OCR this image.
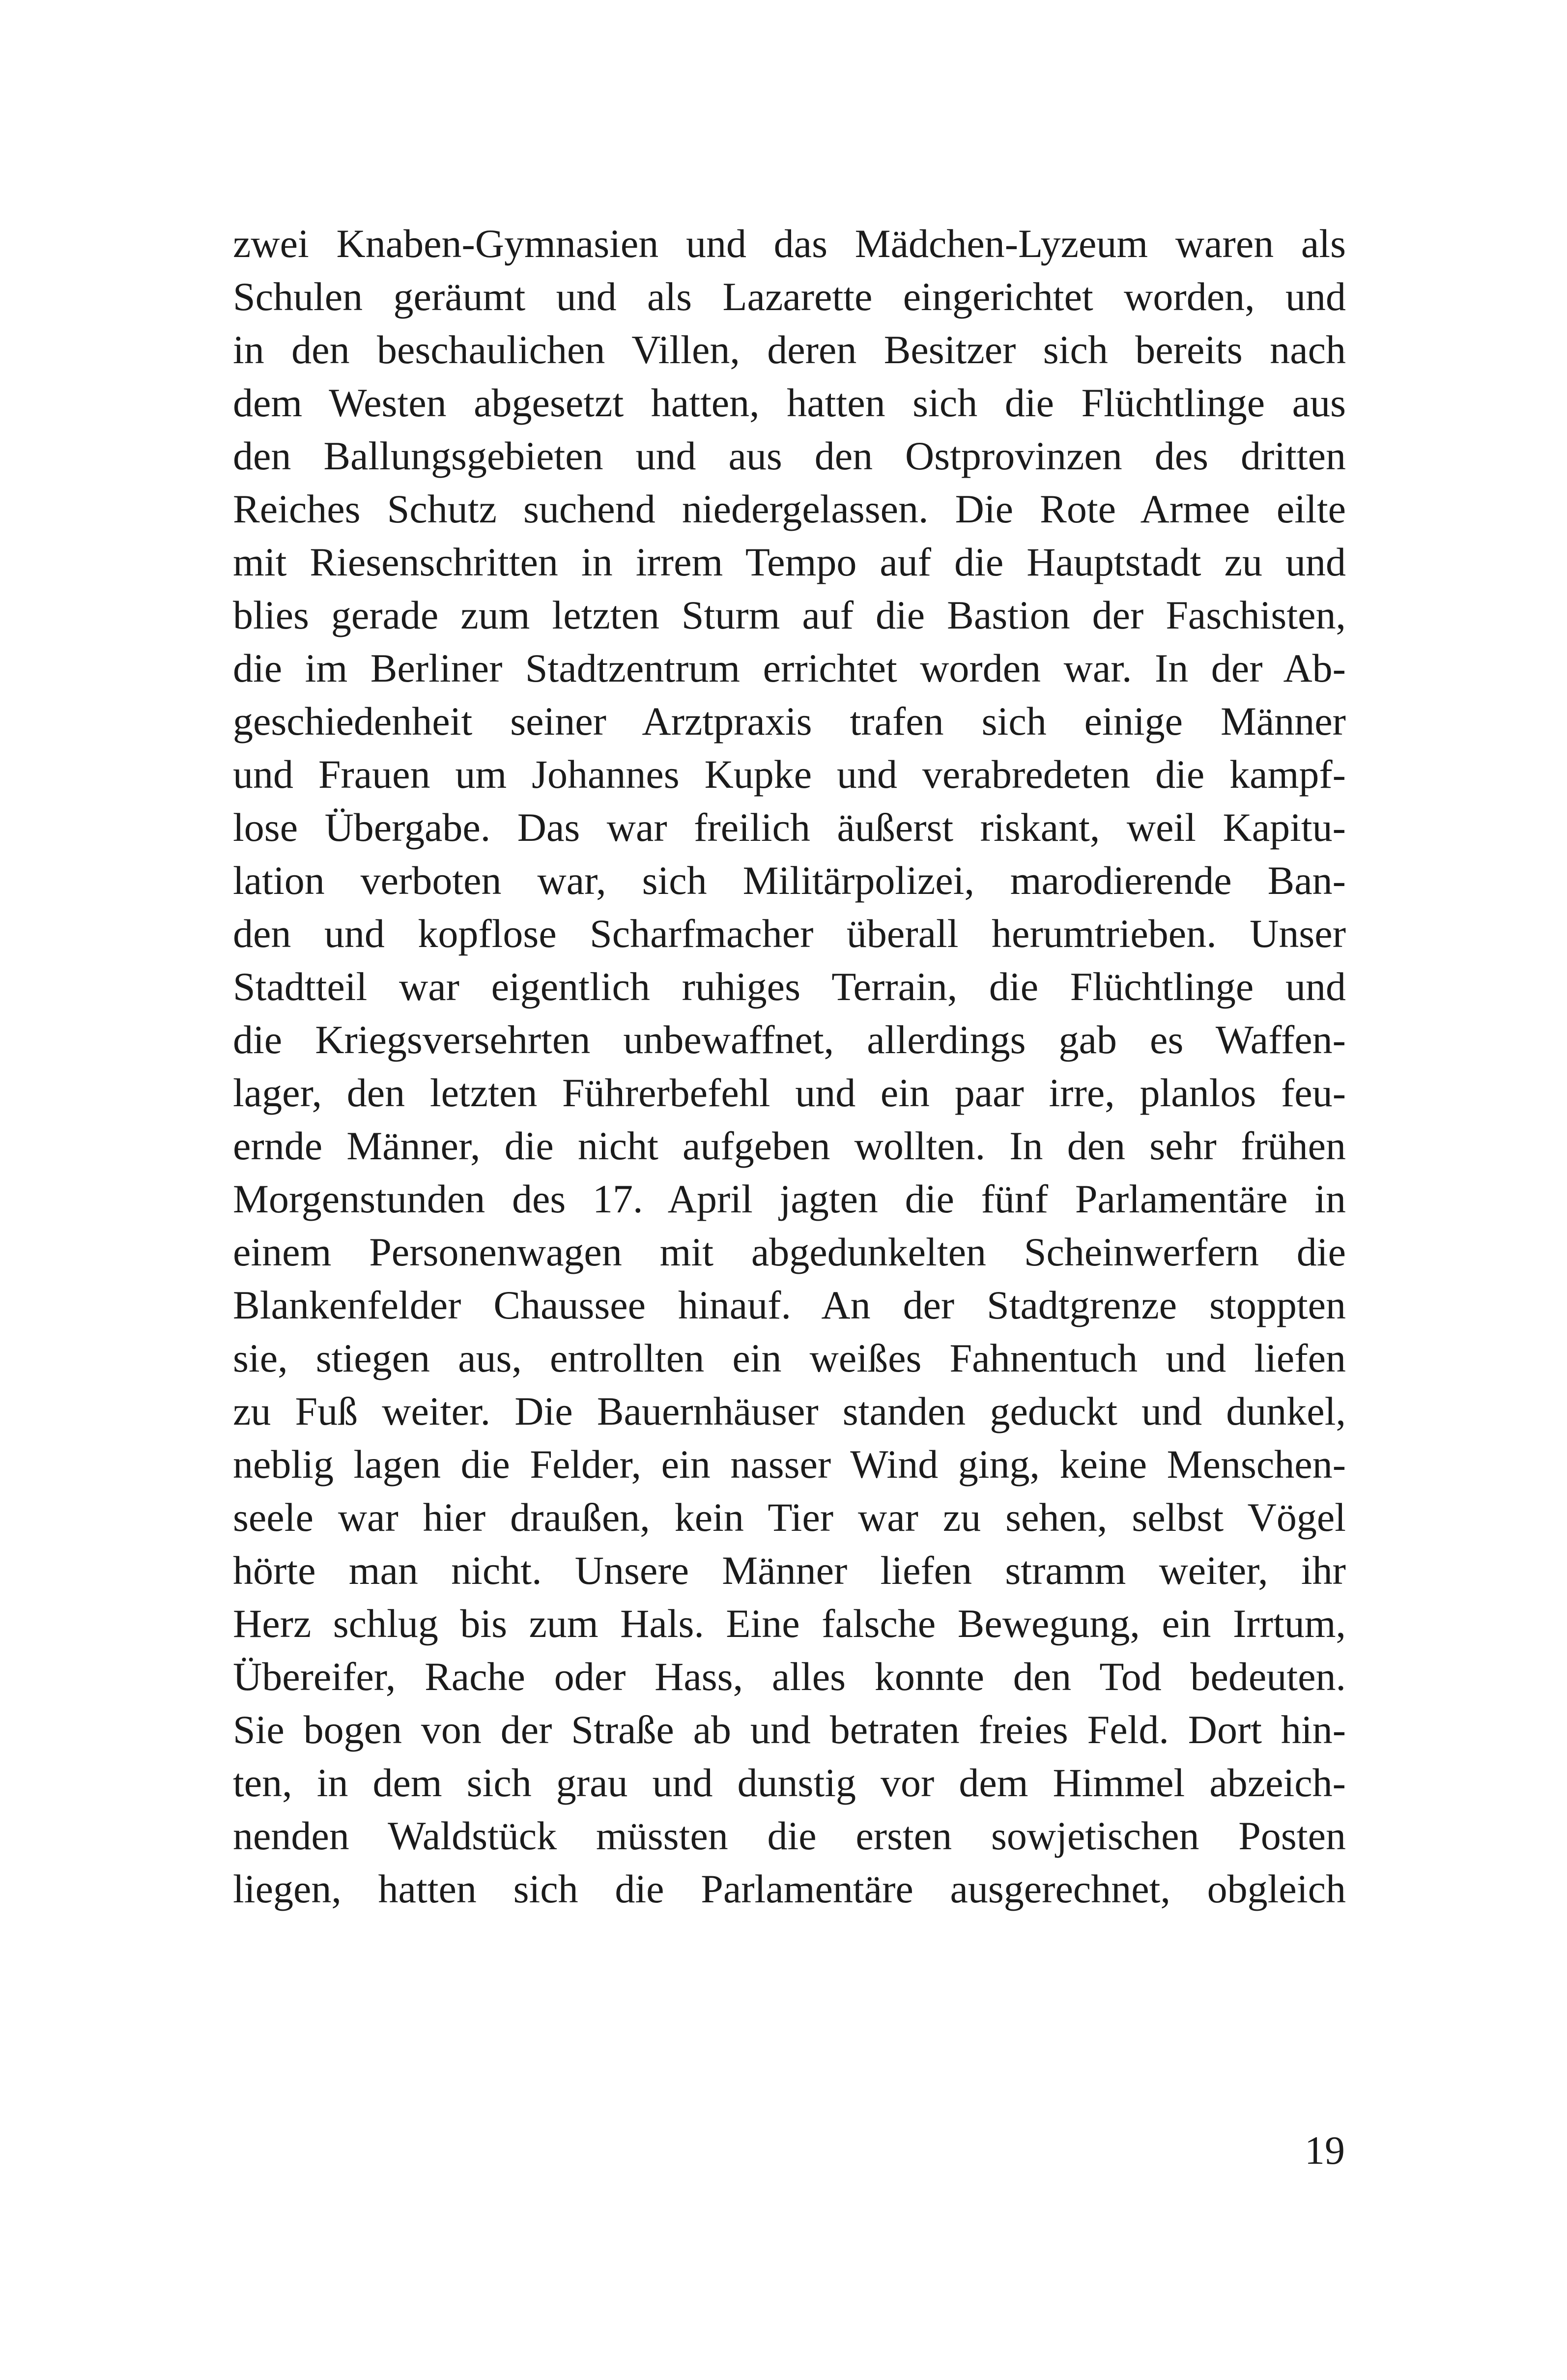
zwei Knaben-Gymnasien und das Mädchen-Lyzeum waren als
Schulen geräumt und als Lazarette eingerichtet worden, und
in den beschaulichen Villen, deren Besitzer sich bereits nach
dem Westen abgesetzt hatten, hatten sich die Flüchtlinge aus
den Ballungsgebieten und aus den Ostprovinzen des dritten
Reiches Schutz suchend niedergelassen. Die Rote Armee eilte
mit Riesenschritten in irrem Tempo auf die Hauptstadt zu und
blies gerade zum letzten Sturm auf die Bastion der Faschisten,
die im Berliner Stadtzentrum errichtet worden war. In der Ab-
geschiedenheit seiner Arztpraxis trafen sich einige Männer
und Frauen um Johannes Kupke und verabredeten die kampf-
lose Übergabe. Das war freilich äußerst riskant, weil Kapitu-
lation verboten war, sich Militärpolizei, marodierende Ban-
den und kopflose Scharfmacher überall herumtrieben. Unser
Stadtteil war eigentlich ruhiges Terrain, die Flüchtlinge und
die Kriegsversehrten unbewaffnet, allerdings gab es Waffen-
lager, den letzten Führerbefehl und ein paar irre, planlos feu-
ernde Männer, die nicht aufgeben wollten. In den sehr frühen
Morgenstunden des 17. April jagten die fünf Parlamentäre in
einem Personenwagen mit abgedunkelten Scheinwerfern die
Blankenfelder Chaussee hinauf. An der Stadtgrenze stoppten
sie, stiegen aus, entrollten ein weißes Fahnentuch und liefen
zu Fuß weiter. Die Bauernhäuser standen geduckt und dunkel,
neblig lagen die Felder, ein nasser Wind ging, keine Menschen-
seele war hier draußen, kein Tier war zu sehen, selbst Vögel
hörte man nicht. Unsere Männer liefen stramm weiter, ihr
Herz schlug bis zum Hals. Eine falsche Bewegung, ein Irrtum,
Übereifer, Rache oder Hass, alles konnte den Tod bedeuten.
Sie bogen von der Straße ab und betraten freies Feld. Dort hin-
ten, in dem sich grau und dunstig vor dem Himmel abzeich-
nenden Waldstück müssten die ersten sowjetischen Posten
liegen, hatten sich die Parlamentäre ausgerechnet, obgleich
19
